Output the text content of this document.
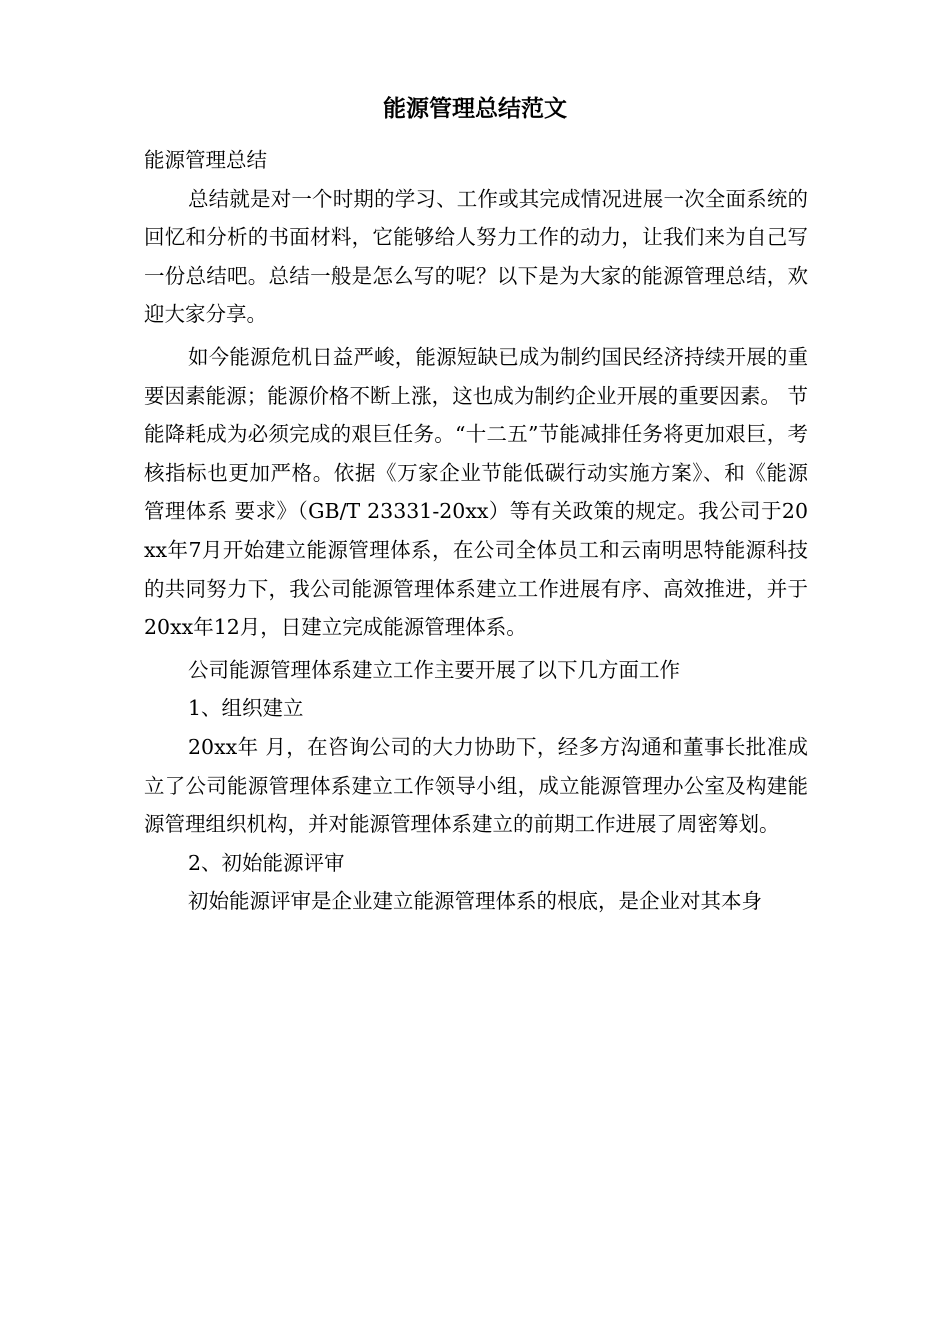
能源管理总结范文

能源管理总结

总结就是对一个时期的学习、工作或其完成情况进展一次全面系统的回忆和分析的书面材料，它能够给人努力工作的动力，让我们来为自己写一份总结吧。总结一般是怎么写的呢？以下是为大家的能源管理总结，欢迎大家分享。

如今能源危机日益严峻，能源短缺已成为制约国民经济持续开展的重要因素能源；能源价格不断上涨，这也成为制约企业开展的重要因素。 节能降耗成为必须完成的艰巨任务。“十二五”节能减排任务将更加艰巨，考核指标也更加严格。依据《万家企业节能低碳行动实施方案》、和《能源管理体系 要求》（GB/T 23331-20xx）等有关政策的规定。我公司于20xx年7月开始建立能源管理体系，在公司全体员工和云南明思特能源科技的共同努力下，我公司能源管理体系建立工作进展有序、高效推进，并于20xx年12月，日建立完成能源管理体系。

公司能源管理体系建立工作主要开展了以下几方面工作

1、组织建立

20xx年 月，在咨询公司的大力协助下，经多方沟通和董事长批准成立了公司能源管理体系建立工作领导小组，成立能源管理办公室及构建能源管理组织机构，并对能源管理体系建立的前期工作进展了周密筹划。

2、初始能源评审

初始能源评审是企业建立能源管理体系的根底，是企业对其本身
